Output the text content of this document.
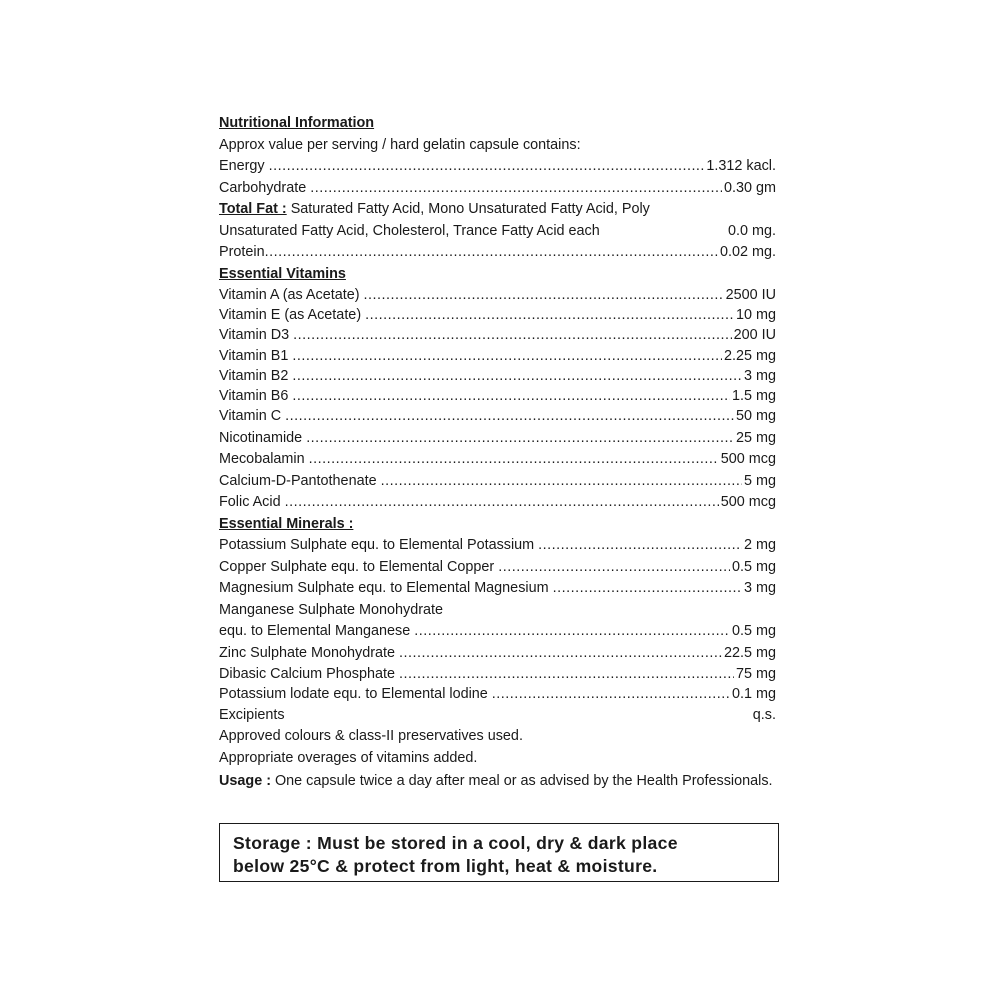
Nutritional Information
Approx value per serving / hard gelatin capsule contains:
Energy .....	1.312 kacl.
Carbohydrate .....	0.30 gm
Total Fat : Saturated Fatty Acid, Mono Unsaturated Fatty Acid, Poly
Unsaturated Fatty Acid, Cholesterol, Trance Fatty Acid each	0.0 mg.
Protein .....	0.02 mg.
Essential Vitamins
Vitamin A (as Acetate) .....	2500 IU
Vitamin E (as Acetate) .....	10 mg
Vitamin D3 .....	200 IU
Vitamin B1 .....	2.25 mg
Vitamin B2 .....	3 mg
Vitamin B6 .....	1.5 mg
Vitamin C .....	50 mg
Nicotinamide .....	25 mg
Mecobalamin .....	500 mcg
Calcium-D-Pantothenate .....	5 mg
Folic Acid .....	500 mcg
Essential Minerals :
Potassium Sulphate equ. to Elemental Potassium .....	2 mg
Copper Sulphate equ. to Elemental Copper .....	0.5 mg
Magnesium Sulphate equ. to Elemental Magnesium .....	3 mg
Manganese Sulphate Monohydrate
equ. to Elemental Manganese .....	0.5 mg
Zinc Sulphate Monohydrate .....	22.5 mg
Dibasic Calcium Phosphate .....	75 mg
Potassium lodate equ. to Elemental lodine .....	0.1 mg
Excipients	q.s.
Approved colours & class-II preservatives used.
Appropriate overages of vitamins added.
Usage : One capsule twice a day after meal or as advised by the Health Professionals.
Storage : Must be stored in a cool, dry & dark place
below 25°C & protect from light, heat & moisture.
